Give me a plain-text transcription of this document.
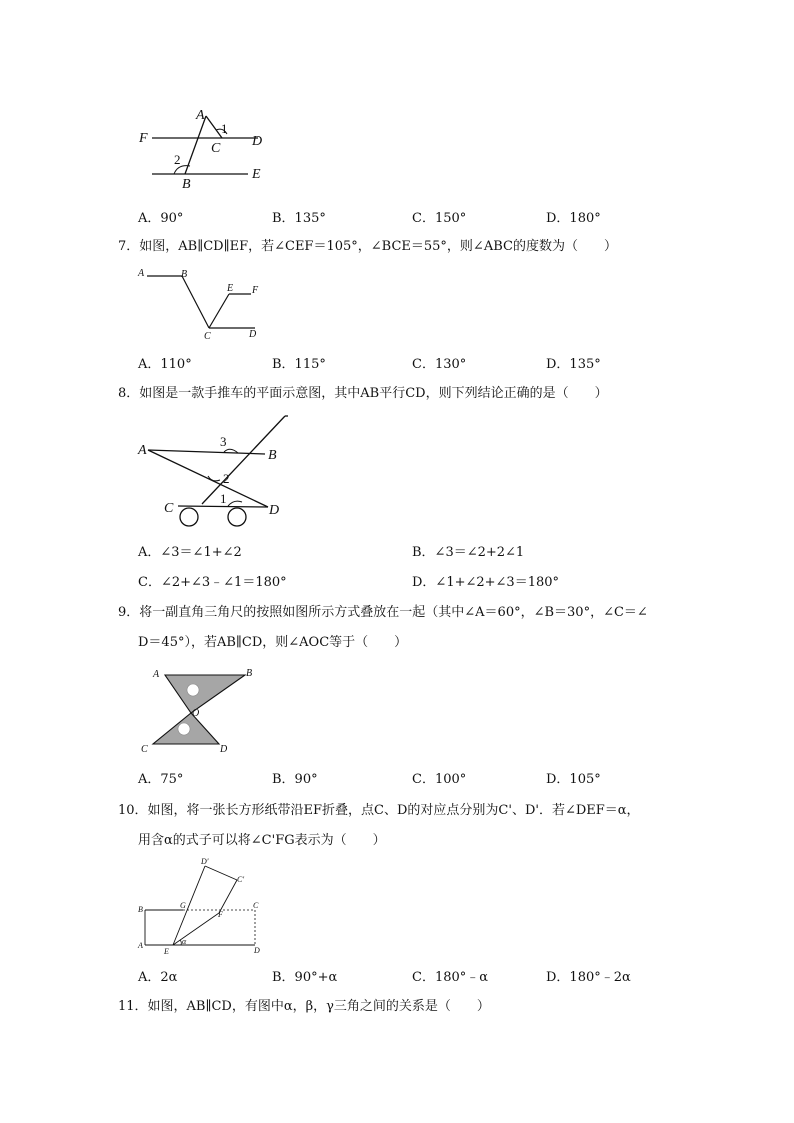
A
F	D
C
1
2
B
E
A．90°	B．135°	C．150°	D．180°
7．如图，AB∥CD∥EF，若∠CEF＝105°，∠BCE＝55°，则∠ABC的度数为（　　）
A	B
E F
C	D
A．110°	B．115°	C．130°	D．135°
8．如图是一款手推车的平面示意图，其中AB平行CD，则下列结论正确的是（　　）
A	B
3
2
1
C	D
A．∠3＝∠1+∠2	B．∠3＝∠2+2∠1
C．∠2+∠3﹣∠1＝180°	D．∠1+∠2+∠3＝180°
9．将一副直角三角尺的按照如图所示方式叠放在一起（其中∠A＝60°，∠B＝30°，∠C＝∠
D＝45°），若AB∥CD，则∠AOC等于（　　）
A	B
O
C	D
A．75°	B．90°	C．100°	D．105°
10．如图，将一张长方形纸带沿EF折叠，点C、D的对应点分别为C'、D'．若∠DEF＝α，
用含α的式子可以将∠C'FG表示为（　　）
D'
C'
B	G
F
C
A
E
α
D
A．2α	B．90°+α	C．180°﹣α	D．180°﹣2α
11．如图，AB∥CD，有图中α，β，γ三角之间的关系是（　　）
